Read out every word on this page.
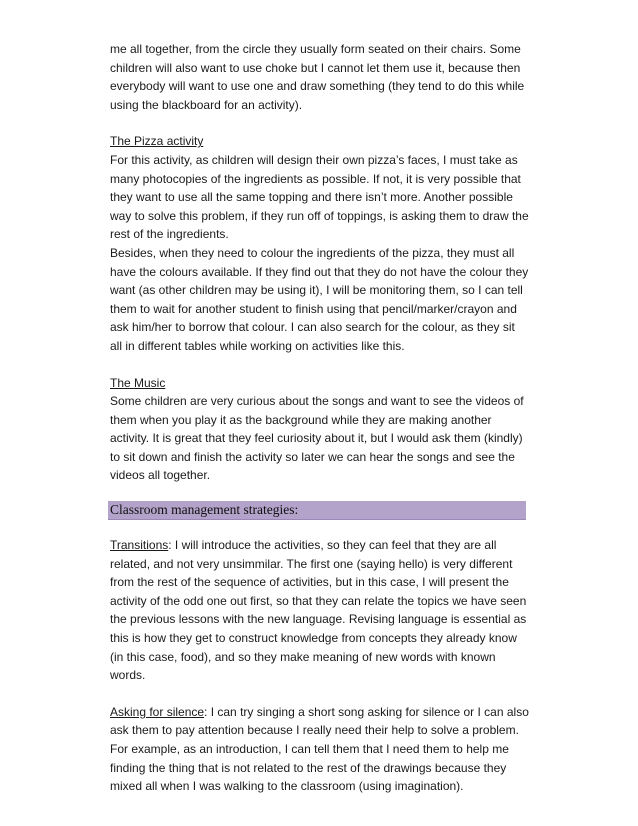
me all together, from the circle they usually form seated on their chairs. Some children will also want to use choke but I cannot let them use it, because then everybody will want to use one and draw something (they tend to do this while using the blackboard for an activity).

The Pizza activity

For this activity, as children will design their own pizza’s faces, I must take as many photocopies of the ingredients as possible. If not, it is very possible that they want to use all the same topping and there isn’t more. Another possible way to solve this problem, if they run off of toppings, is asking them to draw the rest of the ingredients.

Besides, when they need to colour the ingredients of the pizza, they must all have the colours available. If they find out that they do not have the colour they want (as other children may be using it), I will be monitoring them, so I can tell them to wait for another student to finish using that pencil/marker/crayon and ask him/her to borrow that colour. I can also search for the colour, as they sit all in different tables while working on activities like this.

The Music

Some children are very curious about the songs and want to see the videos of them when you play it as the background while they are making another activity. It is great that they feel curiosity about it, but I would ask them (kindly) to sit down and finish the activity so later we can hear the songs and see the videos all together.

Classroom management strategies:

Transitions: I will introduce the activities, so they can feel that they are all related, and not very unsimmilar. The first one (saying hello) is very different from the rest of the sequence of activities, but in this case, I will present the activity of the odd one out first, so that they can relate the topics we have seen the previous lessons with the new language. Revising language is essential as this is how they get to construct knowledge from concepts they already know (in this case, food), and so they make meaning of new words with known words.

Asking for silence: I can try singing a short song asking for silence or I can also ask them to pay attention because I really need their help to solve a problem. For example, as an introduction, I can tell them that I need them to help me finding the thing that is not related to the rest of the drawings because they mixed all when I was walking to the classroom (using imagination).
